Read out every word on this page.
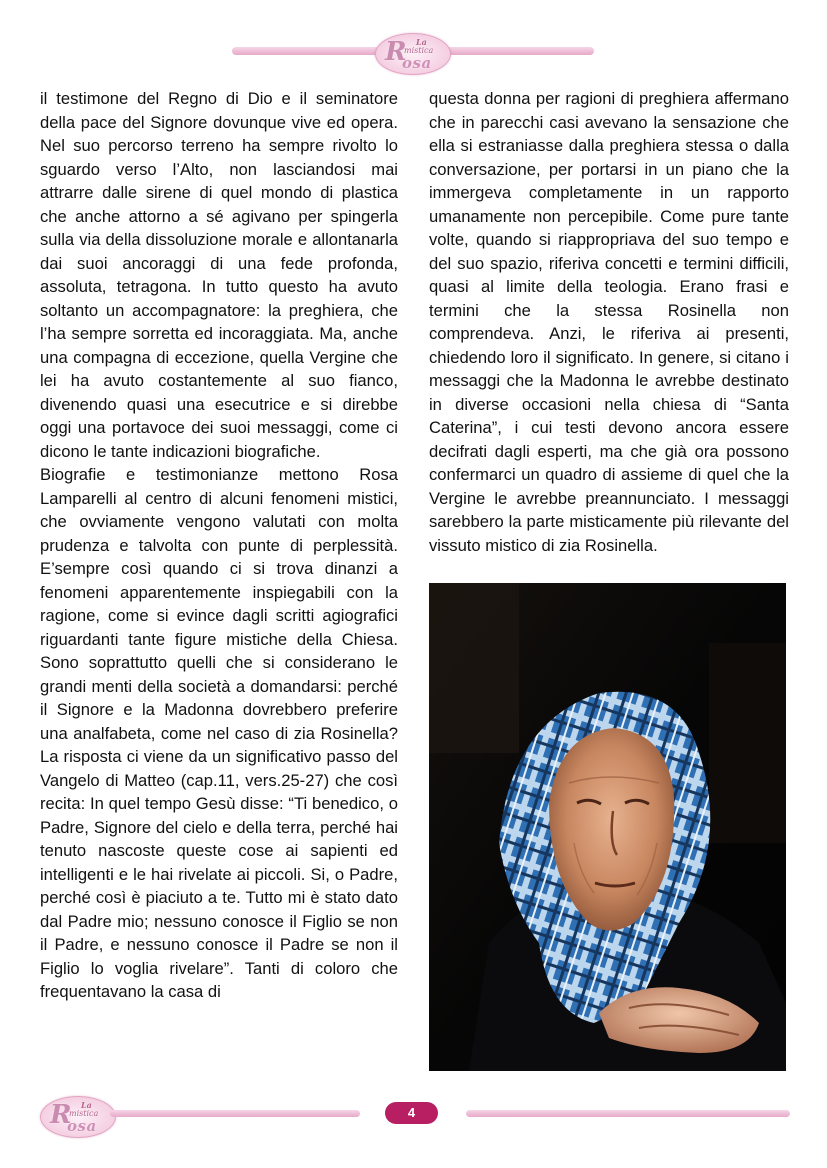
R La
mistica
osa

il testimone del Regno di Dio e il seminatore della pace del Signore dovunque vive ed opera. Nel suo percorso terreno ha sempre rivolto lo sguardo verso l’Alto, non lasciandosi mai attrarre dalle sirene di quel mondo di plastica che anche attorno a sé agivano per spingerla sulla via della dissoluzione morale e allontanarla dai suoi ancoraggi di una fede profonda, assoluta, tetragona. In tutto questo ha avuto soltanto un accompagnatore: la preghiera, che l’ha sempre sorretta ed incoraggiata. Ma, anche una compagna di eccezione, quella Vergine che lei ha avuto costantemente al suo fianco, divenendo quasi una esecutrice e si direbbe oggi una portavoce dei suoi messaggi, come ci dicono le tante indicazioni biografiche.

Biografie e testimonianze mettono Rosa Lamparelli al centro di alcuni fenomeni mistici, che ovviamente vengono valutati con molta prudenza e talvolta con punte di perplessità. E’sempre così quando ci si trova dinanzi a fenomeni apparentemente inspiegabili con la ragione, come si evince dagli scritti agiografici riguardanti tante figure mistiche della Chiesa. Sono soprattutto quelli che si considerano le grandi menti della società a domandarsi: perché il Signore e la Madonna dovrebbero preferire una analfabeta, come nel caso di zia Rosinella? La risposta ci viene da un significativo passo del Vangelo di Matteo (cap.11, vers.25-27) che così recita: In quel tempo Gesù disse: “Ti benedico, o Padre, Signore del cielo e della terra, perché hai tenuto nascoste queste cose ai sapienti ed intelligenti e le hai rivelate ai piccoli. Si, o Padre, perché così è piaciuto a te. Tutto mi è stato dato dal Padre mio; nessuno conosce il Figlio se non il Padre, e nessuno conosce il Padre se non il Figlio lo voglia rivelare”. Tanti di coloro che frequentavano la casa di

questa donna per ragioni di preghiera affermano che in parecchi casi avevano la sensazione che ella si estraniasse dalla preghiera stessa o dalla conversazione, per portarsi in un piano che la immergeva completamente in un rapporto umanamente non percepibile. Come pure tante volte, quando si riappropriava del suo tempo e del suo spazio, riferiva concetti e termini difficili, quasi al limite della teologia. Erano frasi e termini che la stessa Rosinella non comprendeva. Anzi, le riferiva ai presenti, chiedendo loro il significato. In genere, si citano i messaggi che la Madonna le avrebbe destinato in diverse occasioni nella chiesa di “Santa Caterina”, i cui testi devono ancora essere decifrati dagli esperti, ma che già ora possono confermarci un quadro di assieme di quel che la Vergine le avrebbe preannunciato. I messaggi sarebbero la parte misticamente più rilevante del vissuto mistico di zia Rosinella.

R La
mistica
osa
4
